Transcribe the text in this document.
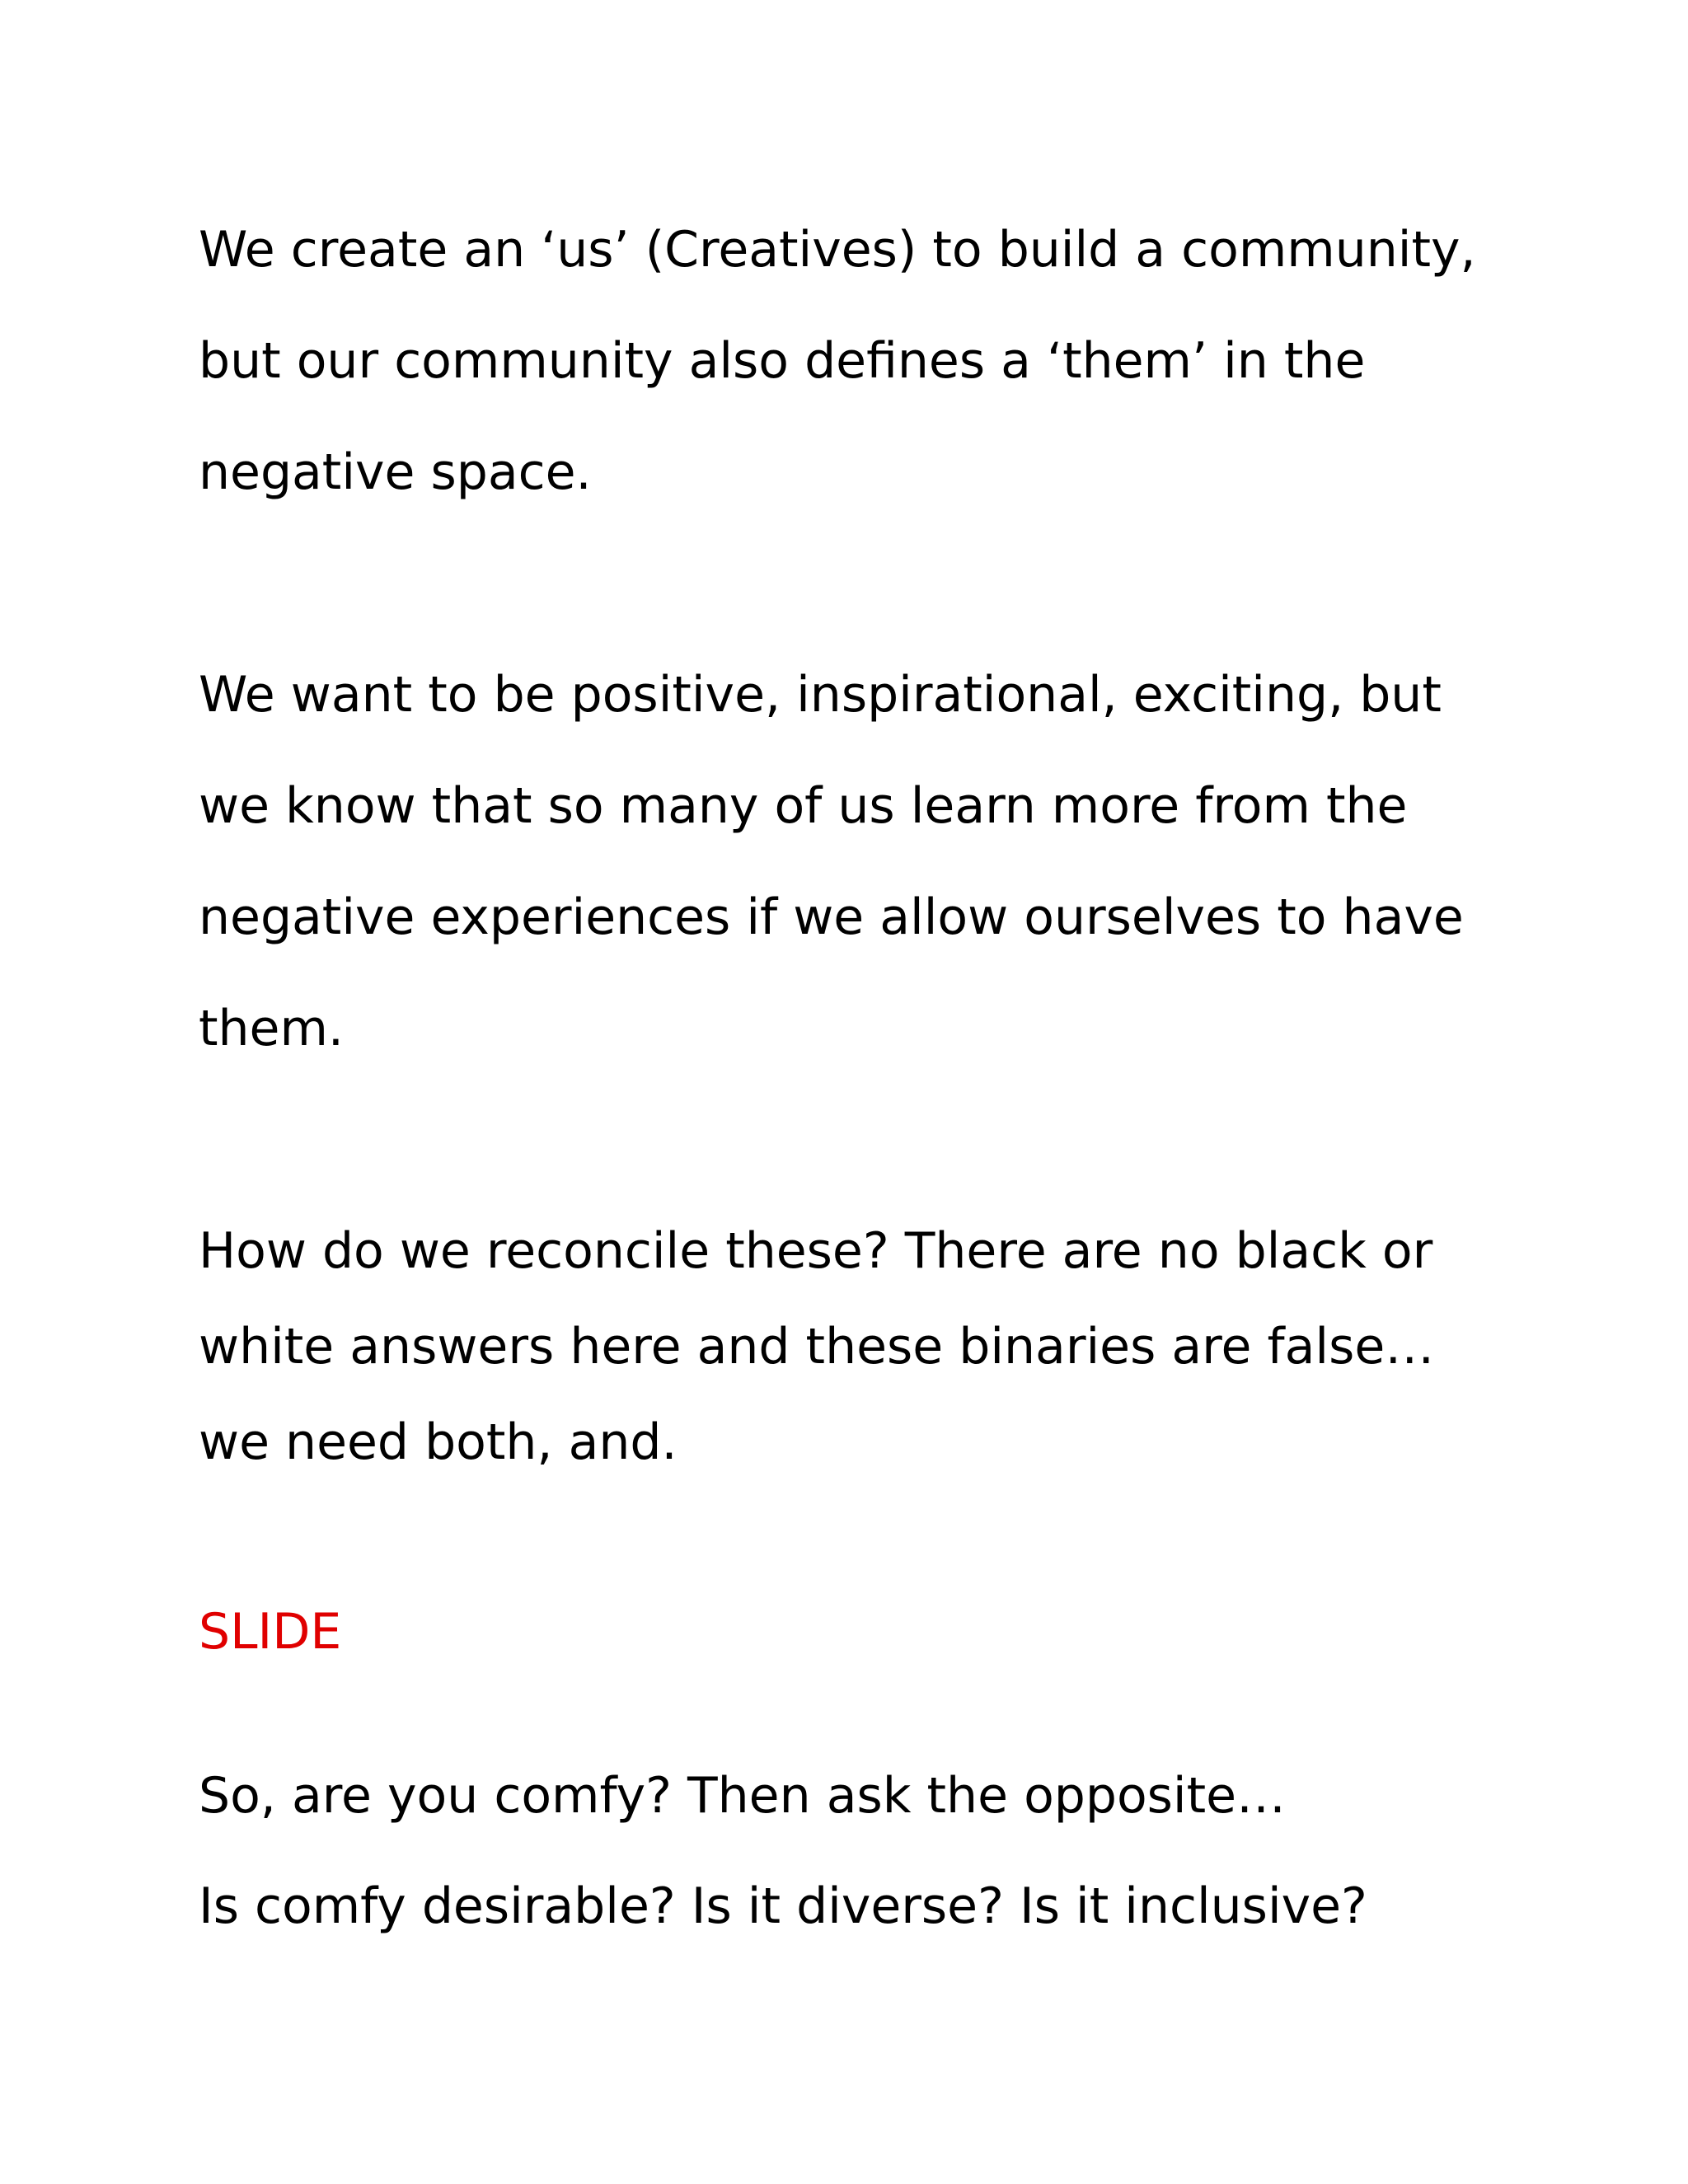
We create an ‘us’ (Creatives) to build a community,

but our community also defines a ‘them’ in the

negative space.

We want to be positive, inspirational, exciting, but

we know that so many of us learn more from the

negative experiences if we allow ourselves to have

them.

How do we reconcile these? There are no black or

white answers here and these binaries are false…

we need both, and.

SLIDE

So, are you comfy? Then ask the opposite…

Is comfy desirable? Is it diverse? Is it inclusive?
